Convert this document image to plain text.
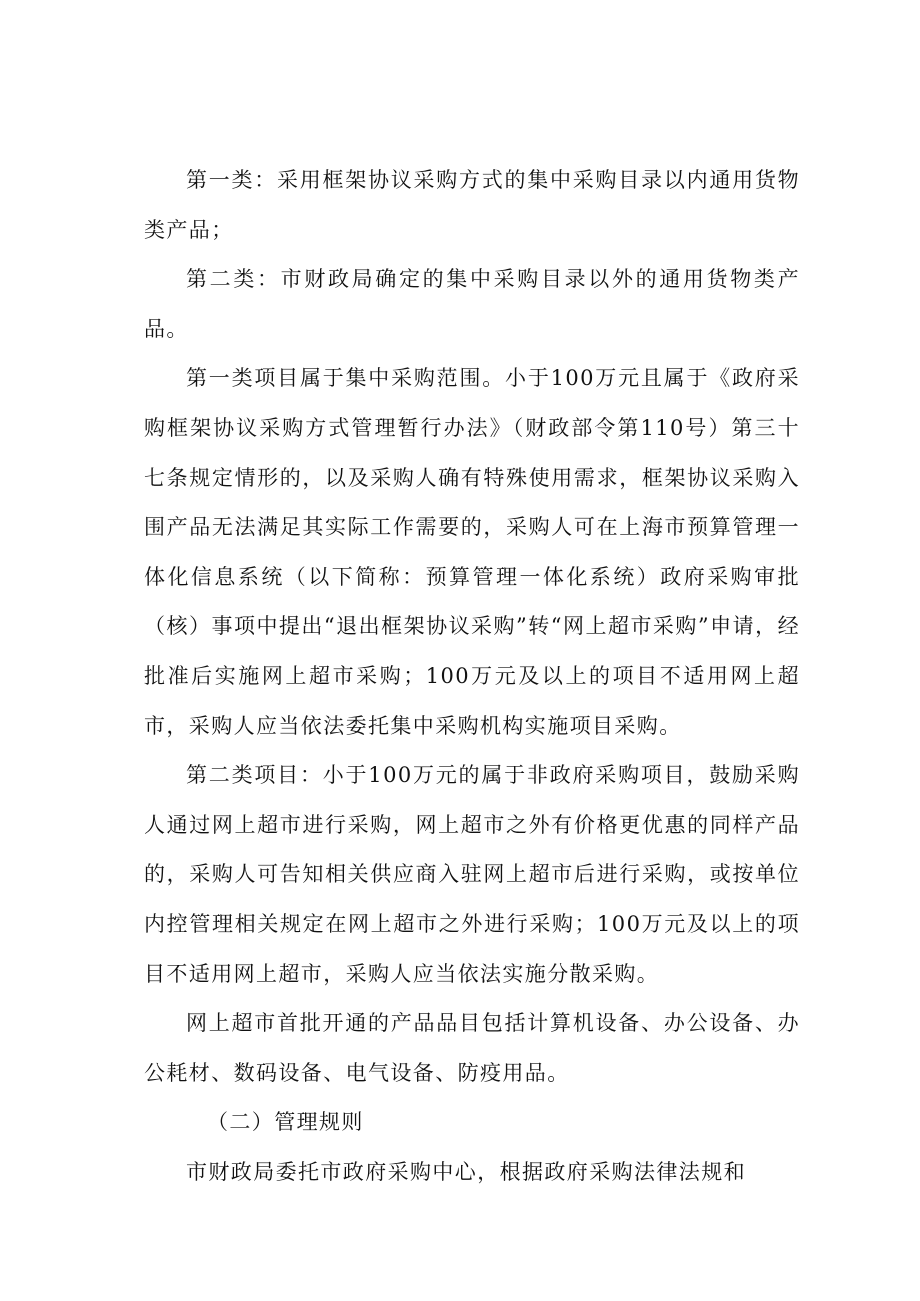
第一类：采用框架协议采购方式的集中采购目录以内通用货物类产品；

第二类：市财政局确定的集中采购目录以外的通用货物类产品。

第一类项目属于集中采购范围。小于100万元且属于《政府采购框架协议采购方式管理暂行办法》（财政部令第110号）第三十七条规定情形的，以及采购人确有特殊使用需求，框架协议采购入围产品无法满足其实际工作需要的，采购人可在上海市预算管理一体化信息系统（以下简称：预算管理一体化系统）政府采购审批（核）事项中提出“退出框架协议采购”转“网上超市采购”申请，经批准后实施网上超市采购；100万元及以上的项目不适用网上超市，采购人应当依法委托集中采购机构实施项目采购。

第二类项目：小于100万元的属于非政府采购项目，鼓励采购人通过网上超市进行采购，网上超市之外有价格更优惠的同样产品的，采购人可告知相关供应商入驻网上超市后进行采购，或按单位内控管理相关规定在网上超市之外进行采购；100万元及以上的项目不适用网上超市，采购人应当依法实施分散采购。

网上超市首批开通的产品品目包括计算机设备、办公设备、办公耗材、数码设备、电气设备、防疫用品。

（二）管理规则

市财政局委托市政府采购中心，根据政府采购法律法规和
